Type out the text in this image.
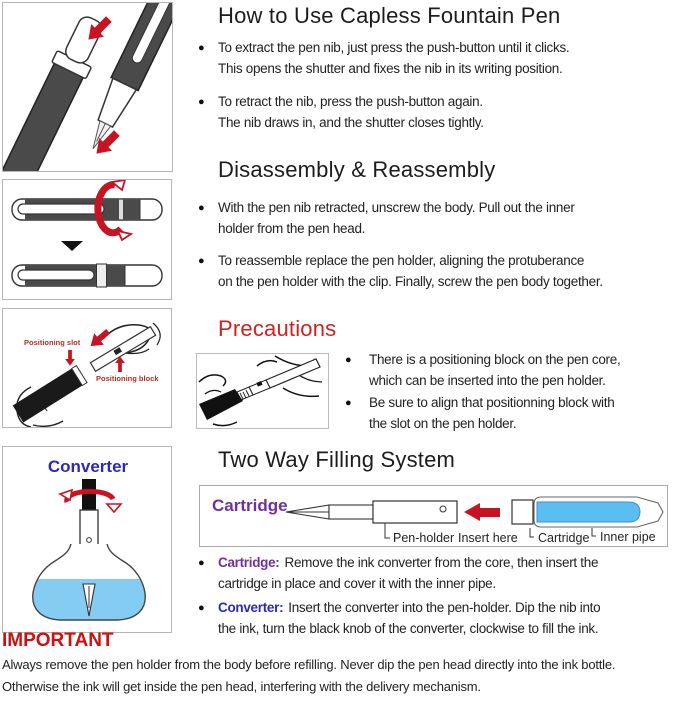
Positioning slot
Positioning block
Converter
How to Use Capless Fountain Pen
● To extract the pen nib, just press the push-button until it clicks.
This opens the shutter and fixes the nib in its writing position.
● To retract the nib, press the push-button again.
The nib draws in, and the shutter closes tightly.
Disassembly & Reassembly
● With the pen nib retracted, unscrew the body. Pull out the inner
holder from the pen head.
● To reassemble replace the pen holder, aligning the protuberance
on the pen holder with the clip. Finally, screw the pen body together.
Precautions
● There is a positioning block on the pen core,
which can be inserted into the pen holder.
● Be sure to align that positionning block with
the slot on the pen holder.
Two Way Filling System
Cartridge
Pen-holder Insert here Cartridge Inner pipe
● Cartridge: Remove the ink converter from the core, then insert the
cartridge in place and cover it with the inner pipe.
● Converter: Insert the converter into the pen-holder. Dip the nib into
the ink, turn the black knob of the converter, clockwise to fill the ink.
IMPORTANT
Always remove the pen holder from the body before refilling. Never dip the pen head directly into the ink bottle.
Otherwise the ink will get inside the pen head, interfering with the delivery mechanism.
